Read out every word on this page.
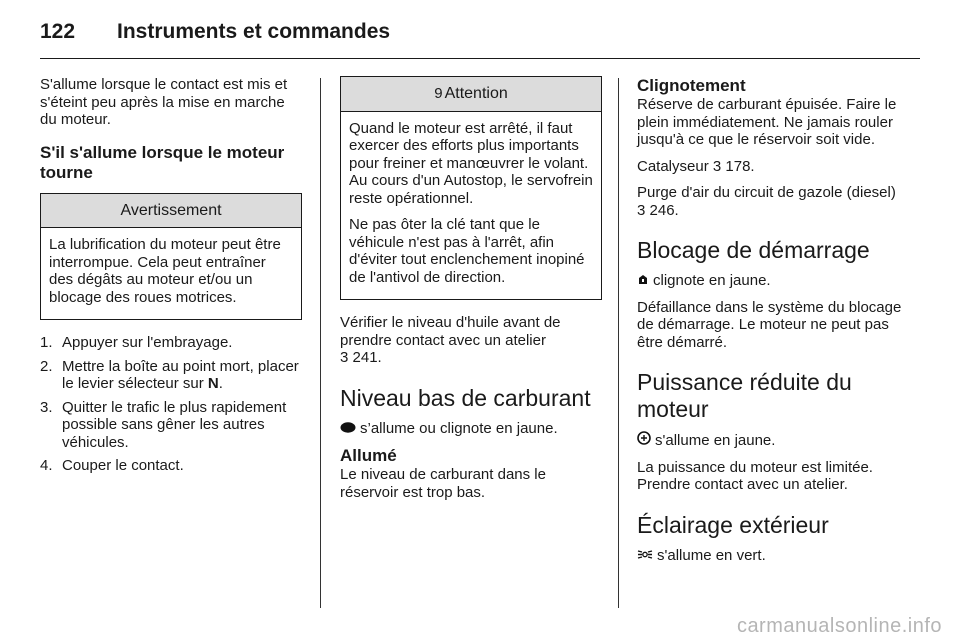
122 Instruments et commandes

S'allume lorsque le contact est mis et s'éteint peu après la mise en marche du moteur.

S'il s'allume lorsque le moteur tourne
Avertissement

La lubrification du moteur peut être interrompue. Cela peut entraîner des dégâts au moteur et/ou un blocage des roues motrices.

1. Appuyer sur l'embrayage.
2. Mettre la boîte au point mort, placer le levier sélecteur sur N.
3. Quitter le trafic le plus rapidement possible sans gêner les autres véhicules.
4. Couper le contact.
9 Attention

Quand le moteur est arrêté, il faut exercer des efforts plus importants pour freiner et manœuvrer le volant. Au cours d'un Autostop, le servofrein reste opérationnel.

Ne pas ôter la clé tant que le véhicule n'est pas à l'arrêt, afin d'éviter tout enclenchement inopiné de l'antivol de direction.

Vérifier le niveau d'huile avant de prendre contact avec un atelier
3 241.

Niveau bas de carburant

s’allume ou clignote en jaune.

Allumé

Le niveau de carburant dans le réservoir est trop bas.

Clignotement

Réserve de carburant épuisée. Faire le plein immédiatement. Ne jamais rouler jusqu'à ce que le réservoir soit vide.

Catalyseur 3 178.

Purge d'air du circuit de gazole (diesel) 3 246.

Blocage de démarrage

clignote en jaune.

Défaillance dans le système du blocage de démarrage. Le moteur ne peut pas être démarré.

Puissance réduite du moteur

s'allume en jaune.

La puissance du moteur est limitée. Prendre contact avec un atelier.

Éclairage extérieur

s'allume en vert.

carmanualsonline.info
